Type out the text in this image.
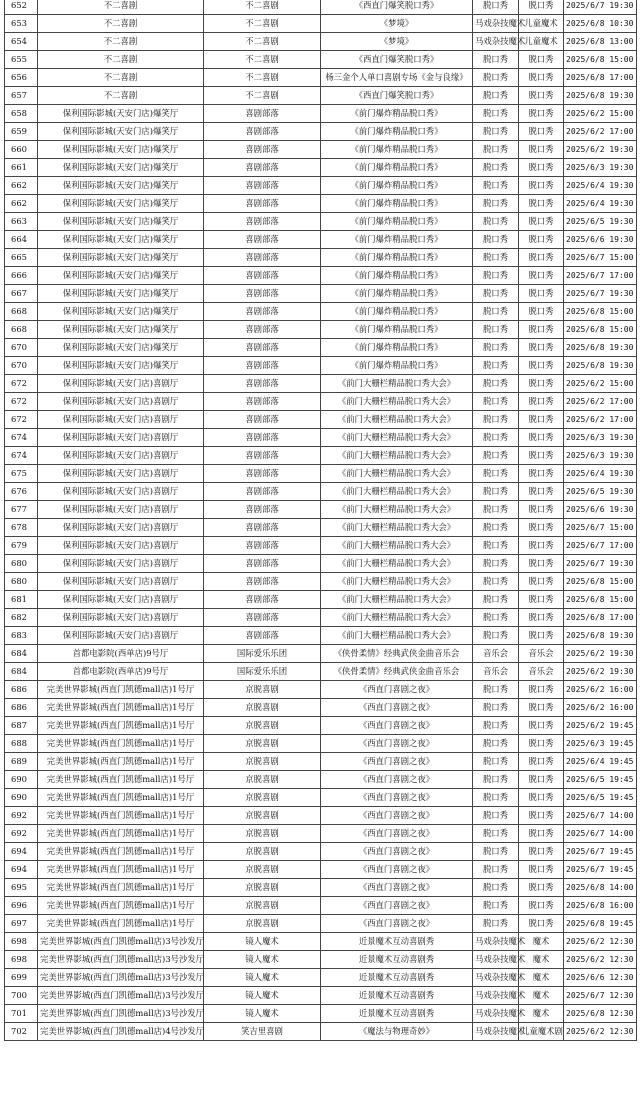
652	不二喜剧	不二喜剧	《西直门爆笑脱口秀》	脱口秀	脱口秀	2025/6/7 19:30
653	不二喜剧	不二喜剧	《梦境》	马戏杂技魔术	儿童魔术	2025/6/8 10:30
654	不二喜剧	不二喜剧	《梦境》	马戏杂技魔术	儿童魔术	2025/6/8 13:00
655	不二喜剧	不二喜剧	《西直门爆笑脱口秀》	脱口秀	脱口秀	2025/6/8 15:00
656	不二喜剧	不二喜剧	杨三金个人单口喜剧专场《金与良缘》	脱口秀	脱口秀	2025/6/8 17:00
657	不二喜剧	不二喜剧	《西直门爆笑脱口秀》	脱口秀	脱口秀	2025/6/8 19:30
658	保利国际影城(天安门店)爆笑厅	喜剧部落	《前门爆炸精品脱口秀》	脱口秀	脱口秀	2025/6/2 15:00
659	保利国际影城(天安门店)爆笑厅	喜剧部落	《前门爆炸精品脱口秀》	脱口秀	脱口秀	2025/6/2 17:00
660	保利国际影城(天安门店)爆笑厅	喜剧部落	《前门爆炸精品脱口秀》	脱口秀	脱口秀	2025/6/2 19:30
661	保利国际影城(天安门店)爆笑厅	喜剧部落	《前门爆炸精品脱口秀》	脱口秀	脱口秀	2025/6/3 19:30
662	保利国际影城(天安门店)爆笑厅	喜剧部落	《前门爆炸精品脱口秀》	脱口秀	脱口秀	2025/6/4 19:30
662	保利国际影城(天安门店)爆笑厅	喜剧部落	《前门爆炸精品脱口秀》	脱口秀	脱口秀	2025/6/4 19:30
663	保利国际影城(天安门店)爆笑厅	喜剧部落	《前门爆炸精品脱口秀》	脱口秀	脱口秀	2025/6/5 19:30
664	保利国际影城(天安门店)爆笑厅	喜剧部落	《前门爆炸精品脱口秀》	脱口秀	脱口秀	2025/6/6 19:30
665	保利国际影城(天安门店)爆笑厅	喜剧部落	《前门爆炸精品脱口秀》	脱口秀	脱口秀	2025/6/7 15:00
666	保利国际影城(天安门店)爆笑厅	喜剧部落	《前门爆炸精品脱口秀》	脱口秀	脱口秀	2025/6/7 17:00
667	保利国际影城(天安门店)爆笑厅	喜剧部落	《前门爆炸精品脱口秀》	脱口秀	脱口秀	2025/6/7 19:30
668	保利国际影城(天安门店)爆笑厅	喜剧部落	《前门爆炸精品脱口秀》	脱口秀	脱口秀	2025/6/8 15:00
668	保利国际影城(天安门店)爆笑厅	喜剧部落	《前门爆炸精品脱口秀》	脱口秀	脱口秀	2025/6/8 15:00
670	保利国际影城(天安门店)爆笑厅	喜剧部落	《前门爆炸精品脱口秀》	脱口秀	脱口秀	2025/6/8 19:30
670	保利国际影城(天安门店)爆笑厅	喜剧部落	《前门爆炸精品脱口秀》	脱口秀	脱口秀	2025/6/8 19:30
672	保利国际影城(天安门店)喜剧厅	喜剧部落	《前门大栅栏精品脱口秀大会》	脱口秀	脱口秀	2025/6/2 15:00
672	保利国际影城(天安门店)喜剧厅	喜剧部落	《前门大栅栏精品脱口秀大会》	脱口秀	脱口秀	2025/6/2 17:00
672	保利国际影城(天安门店)喜剧厅	喜剧部落	《前门大栅栏精品脱口秀大会》	脱口秀	脱口秀	2025/6/2 17:00
674	保利国际影城(天安门店)喜剧厅	喜剧部落	《前门大栅栏精品脱口秀大会》	脱口秀	脱口秀	2025/6/3 19:30
674	保利国际影城(天安门店)喜剧厅	喜剧部落	《前门大栅栏精品脱口秀大会》	脱口秀	脱口秀	2025/6/3 19:30
675	保利国际影城(天安门店)喜剧厅	喜剧部落	《前门大栅栏精品脱口秀大会》	脱口秀	脱口秀	2025/6/4 19:30
676	保利国际影城(天安门店)喜剧厅	喜剧部落	《前门大栅栏精品脱口秀大会》	脱口秀	脱口秀	2025/6/5 19:30
677	保利国际影城(天安门店)喜剧厅	喜剧部落	《前门大栅栏精品脱口秀大会》	脱口秀	脱口秀	2025/6/6 19:30
678	保利国际影城(天安门店)喜剧厅	喜剧部落	《前门大栅栏精品脱口秀大会》	脱口秀	脱口秀	2025/6/7 15:00
679	保利国际影城(天安门店)喜剧厅	喜剧部落	《前门大栅栏精品脱口秀大会》	脱口秀	脱口秀	2025/6/7 17:00
680	保利国际影城(天安门店)喜剧厅	喜剧部落	《前门大栅栏精品脱口秀大会》	脱口秀	脱口秀	2025/6/7 19:30
680	保利国际影城(天安门店)喜剧厅	喜剧部落	《前门大栅栏精品脱口秀大会》	脱口秀	脱口秀	2025/6/8 15:00
681	保利国际影城(天安门店)喜剧厅	喜剧部落	《前门大栅栏精品脱口秀大会》	脱口秀	脱口秀	2025/6/8 15:00
682	保利国际影城(天安门店)喜剧厅	喜剧部落	《前门大栅栏精品脱口秀大会》	脱口秀	脱口秀	2025/6/8 17:00
683	保利国际影城(天安门店)喜剧厅	喜剧部落	《前门大栅栏精品脱口秀大会》	脱口秀	脱口秀	2025/6/8 19:30
684	首都电影院(西单店)9号厅	国际爱乐乐团	《侠骨柔情》经典武侠金曲音乐会	音乐会	音乐会	2025/6/2 19:30
684	首都电影院(西单店)9号厅	国际爱乐乐团	《侠骨柔情》经典武侠金曲音乐会	音乐会	音乐会	2025/6/2 19:30
686	完美世界影城(西直门凯德mall店)1号厅	京脱喜剧	《西直门喜剧之夜》	脱口秀	脱口秀	2025/6/2 16:00
686	完美世界影城(西直门凯德mall店)1号厅	京脱喜剧	《西直门喜剧之夜》	脱口秀	脱口秀	2025/6/2 16:00
687	完美世界影城(西直门凯德mall店)1号厅	京脱喜剧	《西直门喜剧之夜》	脱口秀	脱口秀	2025/6/2 19:45
688	完美世界影城(西直门凯德mall店)1号厅	京脱喜剧	《西直门喜剧之夜》	脱口秀	脱口秀	2025/6/3 19:45
689	完美世界影城(西直门凯德mall店)1号厅	京脱喜剧	《西直门喜剧之夜》	脱口秀	脱口秀	2025/6/4 19:45
690	完美世界影城(西直门凯德mall店)1号厅	京脱喜剧	《西直门喜剧之夜》	脱口秀	脱口秀	2025/6/5 19:45
690	完美世界影城(西直门凯德mall店)1号厅	京脱喜剧	《西直门喜剧之夜》	脱口秀	脱口秀	2025/6/5 19:45
692	完美世界影城(西直门凯德mall店)1号厅	京脱喜剧	《西直门喜剧之夜》	脱口秀	脱口秀	2025/6/7 14:00
692	完美世界影城(西直门凯德mall店)1号厅	京脱喜剧	《西直门喜剧之夜》	脱口秀	脱口秀	2025/6/7 14:00
694	完美世界影城(西直门凯德mall店)1号厅	京脱喜剧	《西直门喜剧之夜》	脱口秀	脱口秀	2025/6/7 19:45
694	完美世界影城(西直门凯德mall店)1号厅	京脱喜剧	《西直门喜剧之夜》	脱口秀	脱口秀	2025/6/7 19:45
695	完美世界影城(西直门凯德mall店)1号厅	京脱喜剧	《西直门喜剧之夜》	脱口秀	脱口秀	2025/6/8 14:00
696	完美世界影城(西直门凯德mall店)1号厅	京脱喜剧	《西直门喜剧之夜》	脱口秀	脱口秀	2025/6/8 16:00
697	完美世界影城(西直门凯德mall店)1号厅	京脱喜剧	《西直门喜剧之夜》	脱口秀	脱口秀	2025/6/8 19:45
698	完美世界影城(西直门凯德mall店)3号沙发厅	镜人魔术	近景魔术互动喜剧秀	马戏杂技魔术	魔术	2025/6/2 12:30
698	完美世界影城(西直门凯德mall店)3号沙发厅	镜人魔术	近景魔术互动喜剧秀	马戏杂技魔术	魔术	2025/6/2 12:30
699	完美世界影城(西直门凯德mall店)3号沙发厅	镜人魔术	近景魔术互动喜剧秀	马戏杂技魔术	魔术	2025/6/6 12:30
700	完美世界影城(西直门凯德mall店)3号沙发厅	镜人魔术	近景魔术互动喜剧秀	马戏杂技魔术	魔术	2025/6/7 12:30
701	完美世界影城(西直门凯德mall店)3号沙发厅	镜人魔术	近景魔术互动喜剧秀	马戏杂技魔术	魔术	2025/6/8 12:30
702	完美世界影城(西直门凯德mall店)4号沙发厅	笑吉里喜剧	《魔法与物理奇妙》	马戏杂技魔术	儿童魔术剧	2025/6/2 12:30
